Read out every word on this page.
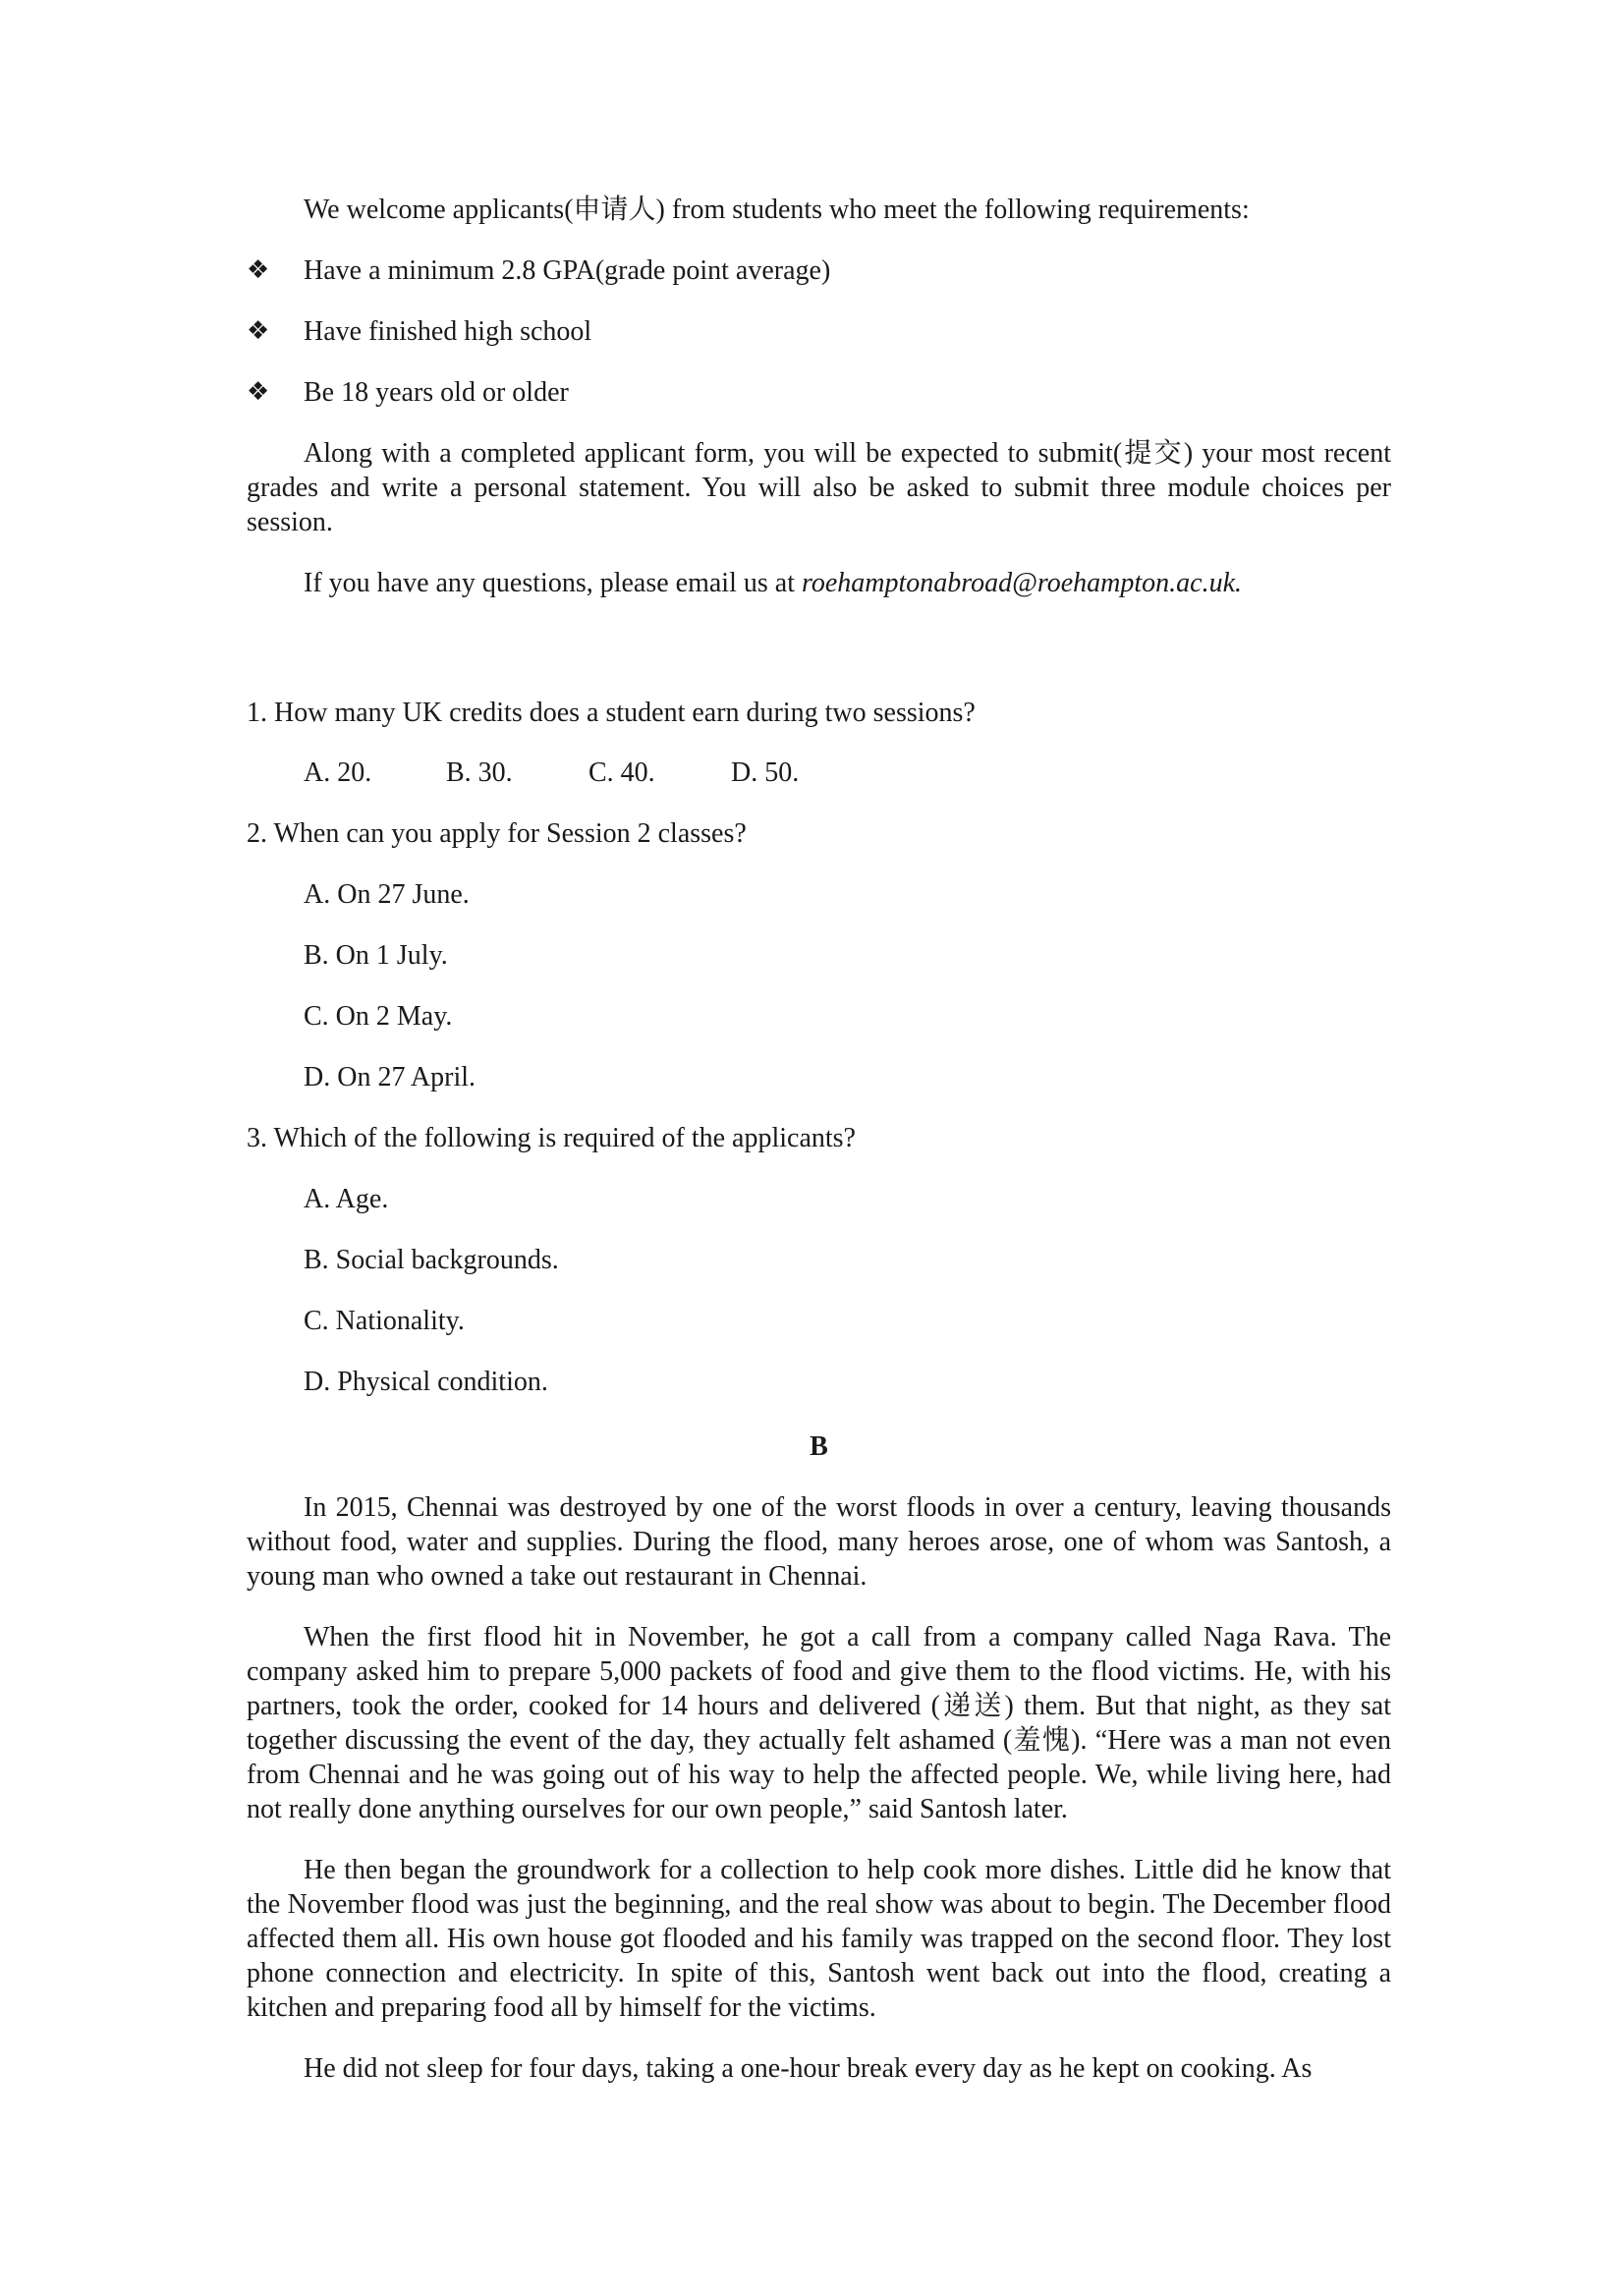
We welcome applicants(申请人) from students who meet the following requirements:

❖ Have a minimum 2.8 GPA(grade point average)
❖ Have finished high school
❖ Be 18 years old or older

Along with a completed applicant form, you will be expected to submit(提交) your most recent grades and write a personal statement. You will also be asked to submit three module choices per session.

If you have any questions, please email us at roehamptonabroad@roehampton.ac.uk.

1. How many UK credits does a student earn during two sessions?

A. 20.	B. 30.	C. 40.	D. 50.

2. When can you apply for Session 2 classes?

A. On 27 June.

B. On 1 July.

C. On 2 May.

D. On 27 April.

3. Which of the following is required of the applicants?

A. Age.

B. Social backgrounds.

C. Nationality.

D. Physical condition.

B

In 2015, Chennai was destroyed by one of the worst floods in over a century, leaving thousands without food, water and supplies. During the flood, many heroes arose, one of whom was Santosh, a young man who owned a take out restaurant in Chennai.

When the first flood hit in November, he got a call from a company called Naga Rava. The company asked him to prepare 5,000 packets of food and give them to the flood victims. He, with his partners, took the order, cooked for 14 hours and delivered (递送) them. But that night, as they sat together discussing the event of the day, they actually felt ashamed (羞愧). “Here was a man not even from Chennai and he was going out of his way to help the affected people. We, while living here, had not really done anything ourselves for our own people,” said Santosh later.

He then began the groundwork for a collection to help cook more dishes. Little did he know that the November flood was just the beginning, and the real show was about to begin. The December flood affected them all. His own house got flooded and his family was trapped on the second floor. They lost phone connection and electricity. In spite of this, Santosh went back out into the flood, creating a kitchen and preparing food all by himself for the victims.

He did not sleep for four days, taking a one-hour break every day as he kept on cooking. As
